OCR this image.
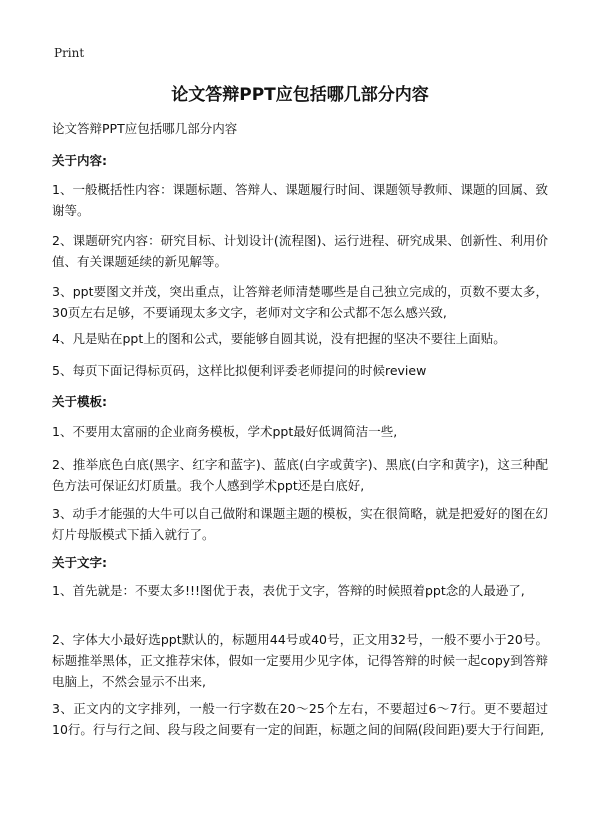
Print
论文答辩PPT应包括哪几部分内容

论文答辩PPT应包括哪几部分内容

关于内容:

1、一般概括性内容：课题标题、答辩人、课题履行时间、课题领导教师、课题的回属、致谢等。

2、课题研究内容：研究目标、计划设计(流程图)、运行进程、研究成果、创新性、利用价值、有关课题延续的新见解等。

3、ppt要图文并茂，突出重点，让答辩老师清楚哪些是自己独立完成的，页数不要太多，30页左右足够，不要诵现太多文字，老师对文字和公式都不怎么感兴致,

4、凡是贴在ppt上的图和公式，要能够自圆其说，没有把握的坚决不要往上面贴。

5、每页下面记得标页码，这样比拟便利评委老师提问的时候review

关于模板:

1、不要用太富丽的企业商务模板，学术ppt最好低调简洁一些,

2、推举底色白底(黑字、红字和蓝字)、蓝底(白字或黄字)、黑底(白字和黄字)，这三种配色方法可保证幻灯质量。我个人感到学术ppt还是白底好,

3、动手才能强的大牛可以自己做附和课题主题的模板，实在很简略，就是把爱好的图在幻灯片母版模式下插入就行了。

关于文字:

1、首先就是：不要太多!!!图优于表，表优于文字，答辩的时候照着ppt念的人最逊了,

2、字体大小最好选ppt默认的，标题用44号或40号，正文用32号，一般不要小于20号。标题推举黑体，正文推荐宋体，假如一定要用少见字体，记得答辩的时候一起copy到答辩电脑上，不然会显示不出来,

3、正文内的文字排列，一般一行字数在20～25个左右，不要超过6～7行。更不要超过10行。行与行之间、段与段之间要有一定的间距，标题之间的间隔(段间距)要大于行间距,
